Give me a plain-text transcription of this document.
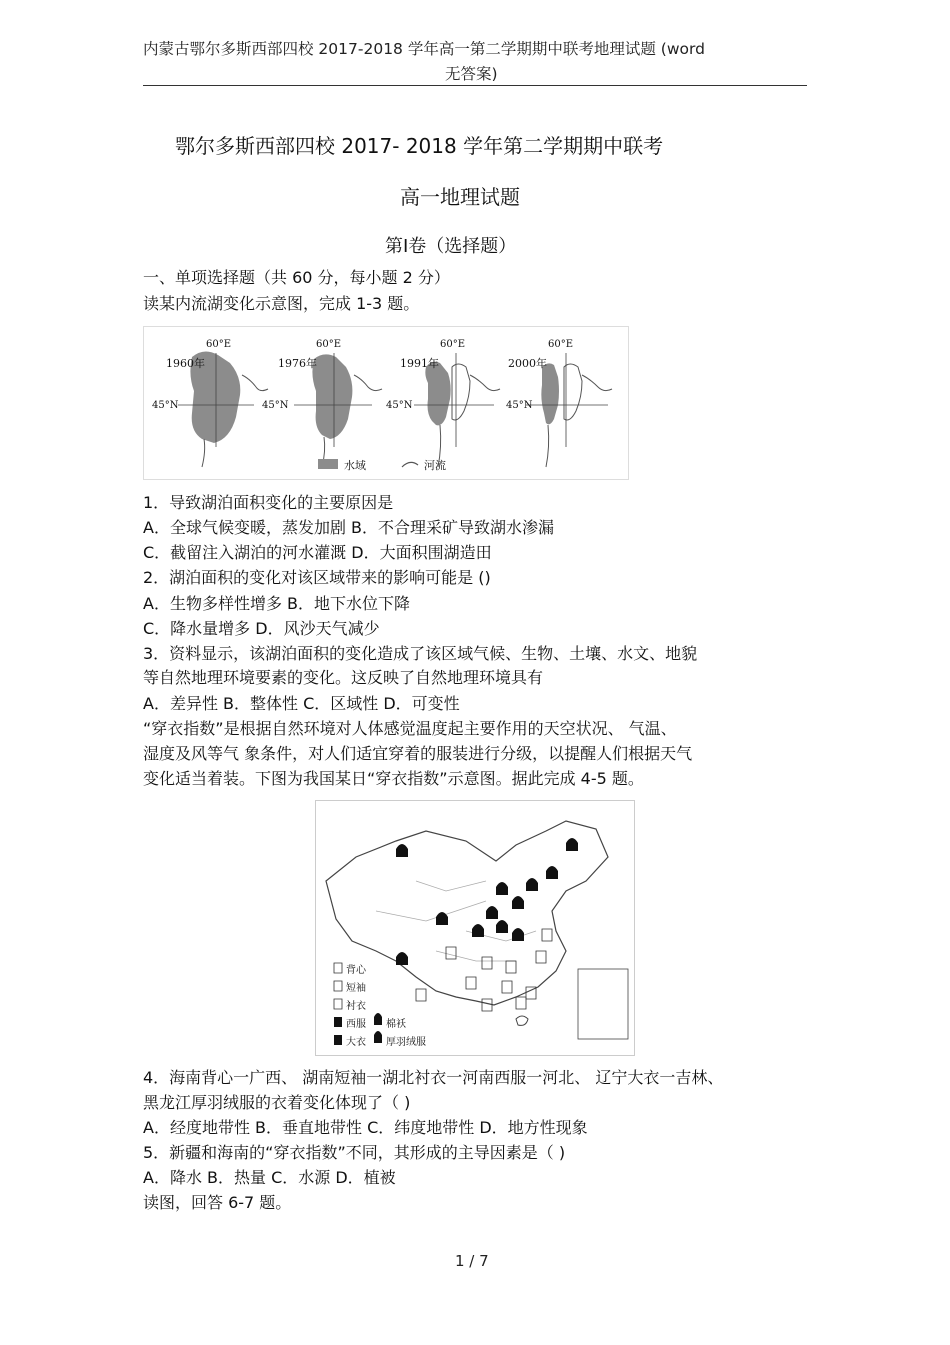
内蒙古鄂尔多斯西部四校 2017-2018 学年高一第二学期期中联考地理试题 (word
无答案)
鄂尔多斯西部四校 2017- 2018 学年第二学期期中联考
高一地理试题
第Ⅰ卷（选择题）
一、单项选择题（共 60 分，每小题 2 分）
读某内流湖变化示意图，完成 1-3 题。
1960年
60°E
45°N
1976年
60°E
45°N
1991年
60°E
45°N
2000年
60°E
45°N
水域	河流
1．导致湖泊面积变化的主要原因是
A．全球气候变暖，蒸发加剧 B．不合理采矿导致湖水渗漏
C．截留注入湖泊的河水灌溉 D．大面积围湖造田
2．湖泊面积的变化对该区域带来的影响可能是 ()
A．生物多样性增多 B．地下水位下降
C．降水量增多 D．风沙天气减少
3．资料显示，该湖泊面积的变化造成了该区域气候、生物、土壤、水文、地貌
等自然地理环境要素的变化。这反映了自然地理环境具有
A．差异性 B．整体性 C．区域性 D．可变性
“穿衣指数”是根据自然环境对人体感觉温度起主要作用的天空状况、 气温、
湿度及风等气 象条件，对人们适宜穿着的服装进行分级，以提醒人们根据天气
变化适当着装。下图为我国某日“穿衣指数”示意图。据此完成 4-5 题。
背心
短袖
衬衣
西服 棉袄
大衣 厚羽绒服
4．海南背心一广西、 湖南短袖一湖北衬衣一河南西服一河北、 辽宁大衣一吉林、
黑龙江厚羽绒服的衣着变化体现了（ )
A．经度地带性 B．垂直地带性 C．纬度地带性 D．地方性现象
5．新疆和海南的“穿衣指数”不同，其形成的主导因素是（ )
A．降水 B．热量 C．水源 D．植被
读图，回答 6-7 题。
1 / 7
